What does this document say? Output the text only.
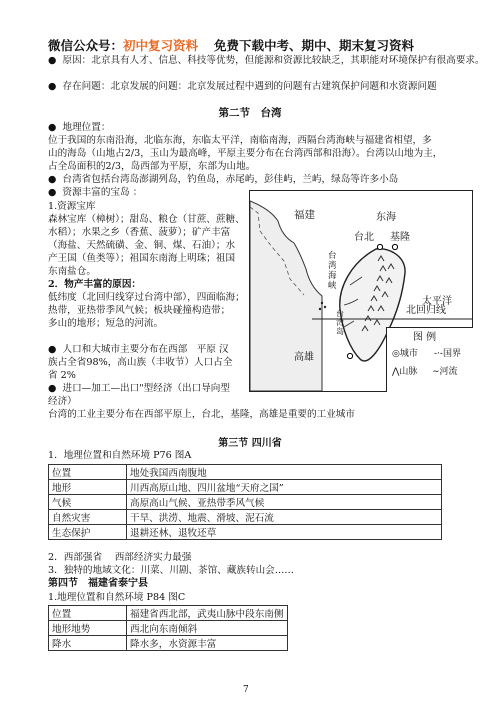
微信公众号：初中复习资料 免费下载中考、期中、期末复习资料
●  原因：北京具有人才、信息、科技等优势，但能源和资源比较缺乏，其职能对环境保护有很高要求。
●  存在问题：北京发展的问题：北京发展过程中遇到的问题有古建筑保护问题和水资源问题
第二节　台湾
●  地理位置：
位于我国的东南沿海，北临东海，东临太平洋，南临南海，西隔台湾海峡与福建省相望，多
山的海岛（山地占2/3，玉山为最高峰，平原主要分布在台湾西部和沿海）。台湾以山地为主，
占全岛面积的2/3，岛西部为平原，东部为山地。
●  台湾省包括台湾岛澎湖列岛，钓鱼岛，赤尾屿，彭佳屿，兰屿，绿岛等许多小岛
●  资源丰富的宝岛 ：
1.资源宝库
森林宝库（樟树）；甜岛、粮仓（甘蔗、蔗糖、
水稻）；水果之乡（香蕉、菠萝）；矿产丰富
（海盐、天然硫磺、金、铜、煤、石油）；水
产王国（鱼类等）；祖国东南海上明珠；祖国
东南盐仓。
2．物产丰富的原因：
低纬度（北回归线穿过台湾中部），四面临海；
热带，亚热带季风气候；板块碰撞构造带；
多山的地形；短急的河流。
●  人口和大城市主要分布在西部　平原 汉
族占全省98%，高山族（丰收节）人口占全
省 2%
●  进口—加工—出口"型经济（出口导向型
经济）
台湾的工业主要分布在西部平原上，台北，基隆，高雄是重要的工业城市
福建	东海
台北 基隆
台湾海峡
太平洋
北回归线
台湾岛
高雄
图 例
◎城市 -·-国界
⋀山脉 ∼河流
第三节 四川省
1．地理位置和自然环境 P76 图A
位置	地处我国西南腹地
地形	川西高原山地、四川盆地“天府之国”
气候	高原高山气候、亚热带季风气候
自然灾害	干旱、洪涝、地震、滑坡、泥石流
生态保护	退耕还林、退牧还草
2．西部强省　 西部经济实力最强
3．独特的地域文化：川菜、川剧、茶馆、藏族转山会……
第四节　福建省泰宁县
1.地理位置和自然环境 P84 图C
位置	福建省西北部，武夷山脉中段东南侧
地形地势	西北向东南倾斜
降水	降水多，水资源丰富
7
